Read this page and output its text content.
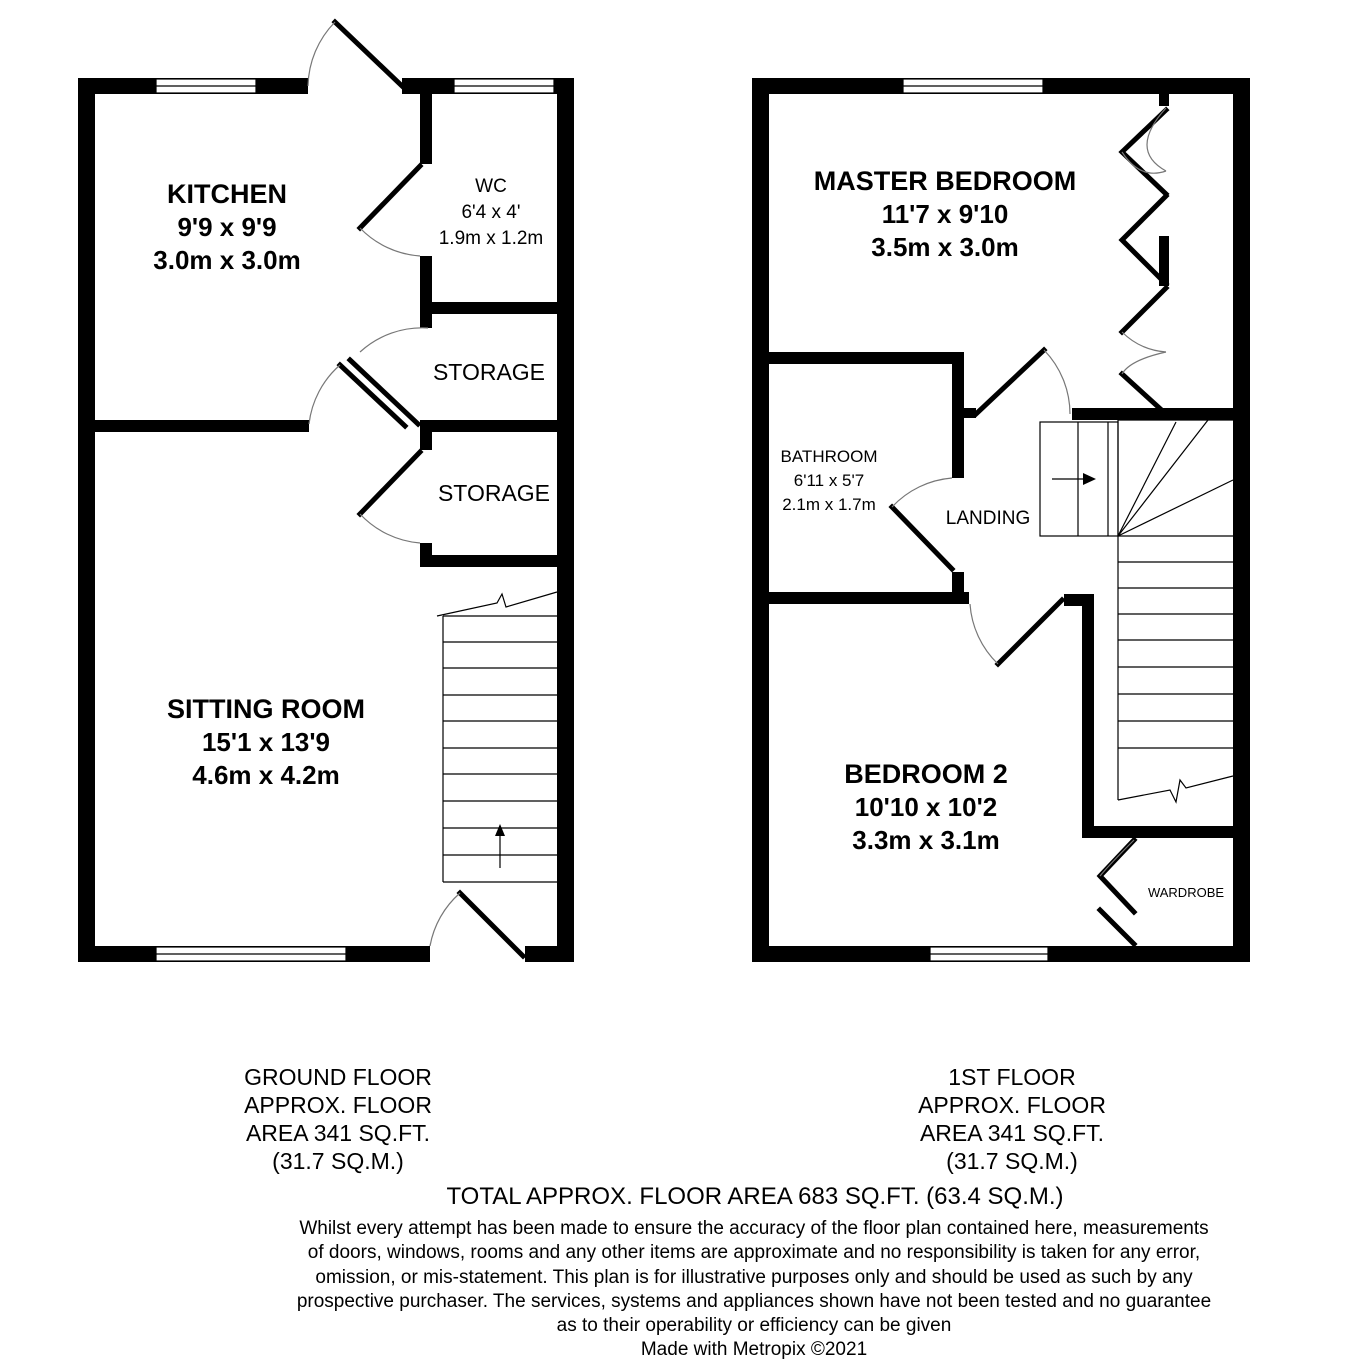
KITCHEN
9'9 x 9'9
3.0m x 3.0m
WC
6'4 x 4'
1.9m x 1.2m
STORAGE
STORAGE
SITTING ROOM
15'1 x 13'9
4.6m x 4.2m
MASTER BEDROOM
11'7 x 9'10
3.5m x 3.0m
BATHROOM
6'11 x 5'7
2.1m x 1.7m
LANDING
BEDROOM 2
10'10 x 10'2
3.3m x 3.1m
WARDROBE
GROUND FLOOR
APPROX. FLOOR
AREA 341 SQ.FT.
(31.7 SQ.M.)
1ST FLOOR
APPROX. FLOOR
AREA 341 SQ.FT.
(31.7 SQ.M.)
TOTAL APPROX. FLOOR AREA 683 SQ.FT. (63.4 SQ.M.)
Whilst every attempt has been made to ensure the accuracy of the floor plan contained here, measurements
of doors, windows, rooms and any other items are approximate and no responsibility is taken for any error,
omission, or mis-statement. This plan is for illustrative purposes only and should be used as such by any
prospective purchaser. The services, systems and appliances shown have not been tested and no guarantee
as to their operability or efficiency can be given
Made with Metropix ©2021
